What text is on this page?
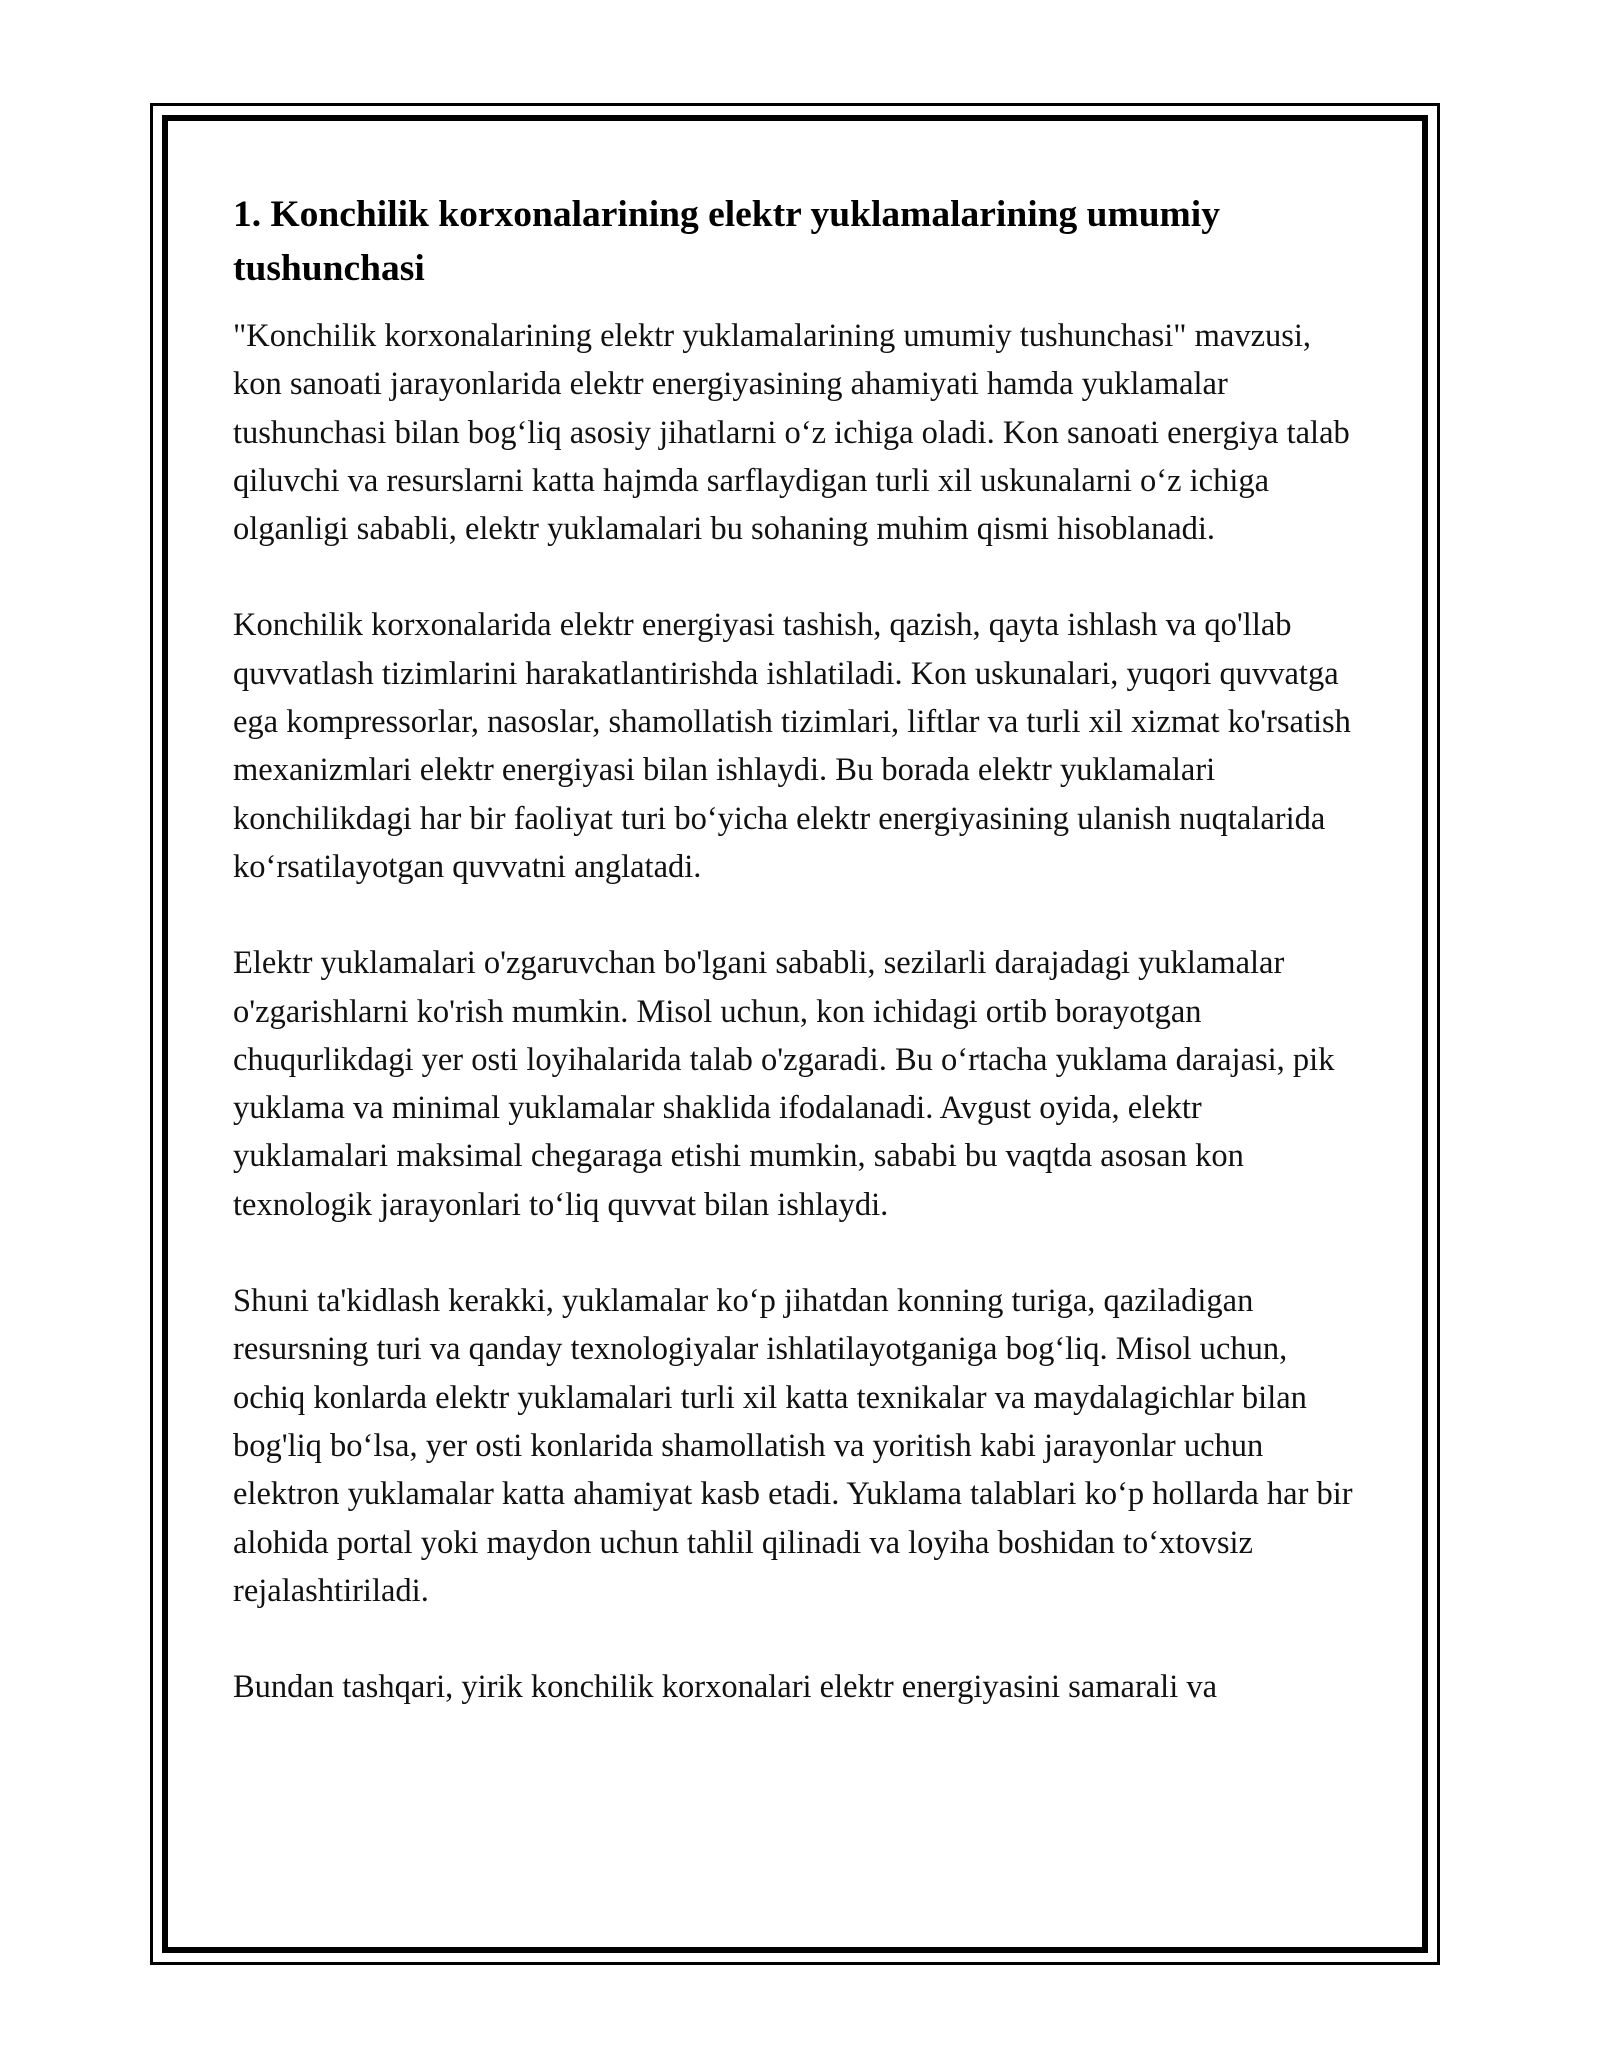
1. Konchilik korxonalarining elektr yuklamalarining umumiy tushunchasi

"Konchilik korxonalarining elektr yuklamalarining umumiy tushunchasi" mavzusi, kon sanoati jarayonlarida elektr energiyasining ahamiyati hamda yuklamalar tushunchasi bilan bog‘liq asosiy jihatlarni o‘z ichiga oladi. Kon sanoati energiya talab qiluvchi va resurslarni katta hajmda sarflaydigan turli xil uskunalarni o‘z ichiga olganligi sababli, elektr yuklamalari bu sohaning muhim qismi hisoblanadi.

Konchilik korxonalarida elektr energiyasi tashish, qazish, qayta ishlash va qo'llab quvvatlash tizimlarini harakatlantirishda ishlatiladi. Kon uskunalari, yuqori quvvatga ega kompressorlar, nasoslar, shamollatish tizimlari, liftlar va turli xil xizmat ko'rsatish mexanizmlari elektr energiyasi bilan ishlaydi. Bu borada elektr yuklamalari konchilikdagi har bir faoliyat turi bo‘yicha elektr energiyasining ulanish nuqtalarida ko‘rsatilayotgan quvvatni anglatadi.

Elektr yuklamalari o'zgaruvchan bo'lgani sababli, sezilarli darajadagi yuklamalar o'zgarishlarni ko'rish mumkin. Misol uchun, kon ichidagi ortib borayotgan chuqurlikdagi yer osti loyihalarida talab o'zgaradi. Bu o‘rtacha yuklama darajasi, pik yuklama va minimal yuklamalar shaklida ifodalanadi. Avgust oyida, elektr yuklamalari maksimal chegaraga etishi mumkin, sababi bu vaqtda asosan kon texnologik jarayonlari to‘liq quvvat bilan ishlaydi.

Shuni ta'kidlash kerakki, yuklamalar ko‘p jihatdan konning turiga, qaziladigan resursning turi va qanday texnologiyalar ishlatilayotganiga bog‘liq. Misol uchun, ochiq konlarda elektr yuklamalari turli xil katta texnikalar va maydalagichlar bilan bog'liq bo‘lsa, yer osti konlarida shamollatish va yoritish kabi jarayonlar uchun elektron yuklamalar katta ahamiyat kasb etadi. Yuklama talablari ko‘p hollarda har bir alohida portal yoki maydon uchun tahlil qilinadi va loyiha boshidan to‘xtovsiz rejalashtiriladi.

Bundan tashqari, yirik konchilik korxonalari elektr energiyasini samarali va
